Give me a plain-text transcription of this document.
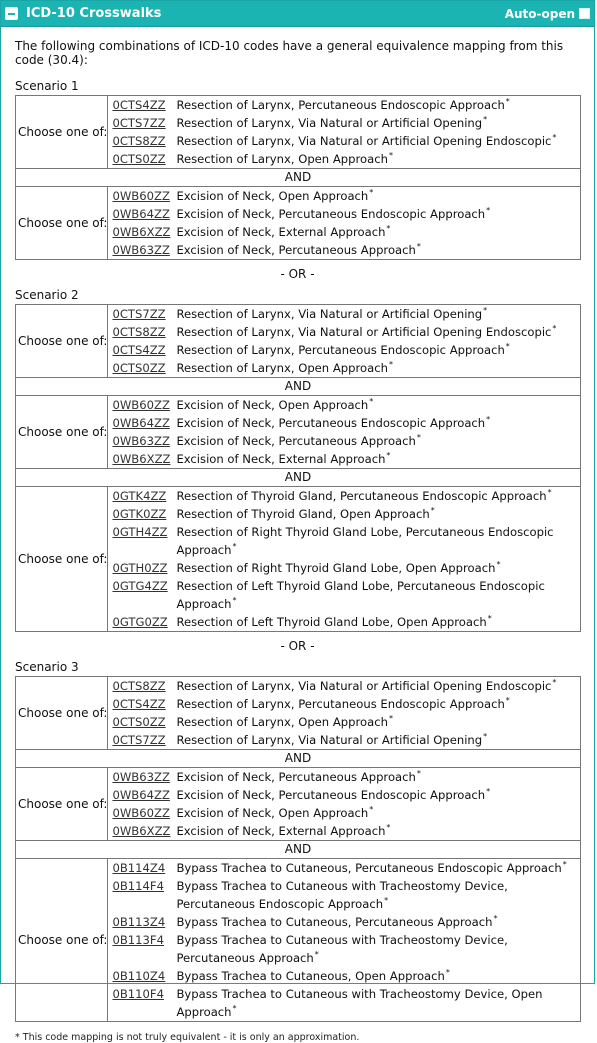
ICD-10 Crosswalks	Auto-open

The following combinations of ICD-10 codes have a general equivalence mapping from this code (30.4):

Scenario 1
Choose one of:	
0CTS4ZZ Resection of Larynx, Percutaneous Endoscopic Approach*
0CTS7ZZ Resection of Larynx, Via Natural or Artificial Opening*
0CTS8ZZ Resection of Larynx, Via Natural or Artificial Opening Endoscopic*
0CTS0ZZ Resection of Larynx, Open Approach*
AND
Choose one of:	
0WB60ZZ Excision of Neck, Open Approach*
0WB64ZZ Excision of Neck, Percutaneous Endoscopic Approach*
0WB6XZZ Excision of Neck, External Approach*
0WB63ZZ Excision of Neck, Percutaneous Approach*
- OR -
Scenario 2
Choose one of:	
0CTS7ZZ Resection of Larynx, Via Natural or Artificial Opening*
0CTS8ZZ Resection of Larynx, Via Natural or Artificial Opening Endoscopic*
0CTS4ZZ Resection of Larynx, Percutaneous Endoscopic Approach*
0CTS0ZZ Resection of Larynx, Open Approach*
AND
Choose one of:	
0WB60ZZ Excision of Neck, Open Approach*
0WB64ZZ Excision of Neck, Percutaneous Endoscopic Approach*
0WB63ZZ Excision of Neck, Percutaneous Approach*
0WB6XZZ Excision of Neck, External Approach*
AND
Choose one of:	
0GTK4ZZ Resection of Thyroid Gland, Percutaneous Endoscopic Approach*
0GTK0ZZ Resection of Thyroid Gland, Open Approach*
0GTH4ZZ Resection of Right Thyroid Gland Lobe, Percutaneous Endoscopic Approach*
0GTH0ZZ Resection of Right Thyroid Gland Lobe, Open Approach*
0GTG4ZZ Resection of Left Thyroid Gland Lobe, Percutaneous Endoscopic Approach*
0GTG0ZZ Resection of Left Thyroid Gland Lobe, Open Approach*
- OR -
Scenario 3
Choose one of:	
0CTS8ZZ Resection of Larynx, Via Natural or Artificial Opening Endoscopic*
0CTS4ZZ Resection of Larynx, Percutaneous Endoscopic Approach*
0CTS0ZZ Resection of Larynx, Open Approach*
0CTS7ZZ Resection of Larynx, Via Natural or Artificial Opening*
AND
Choose one of:	
0WB63ZZ Excision of Neck, Percutaneous Approach*
0WB64ZZ Excision of Neck, Percutaneous Endoscopic Approach*
0WB60ZZ Excision of Neck, Open Approach*
0WB6XZZ Excision of Neck, External Approach*
AND
Choose one of:	
0B114Z4 Bypass Trachea to Cutaneous, Percutaneous Endoscopic Approach*
0B114F4	Bypass Trachea to Cutaneous with Tracheostomy Device, Percutaneous Endoscopic Approach*
0B113Z4 Bypass Trachea to Cutaneous, Percutaneous Approach*
0B113F4	Bypass Trachea to Cutaneous with Tracheostomy Device, Percutaneous Approach*
0B110Z4 Bypass Trachea to Cutaneous, Open Approach*
0B110F4	Bypass Trachea to Cutaneous with Tracheostomy Device, Open Approach*
* This code mapping is not truly equivalent - it is only an approximation.
